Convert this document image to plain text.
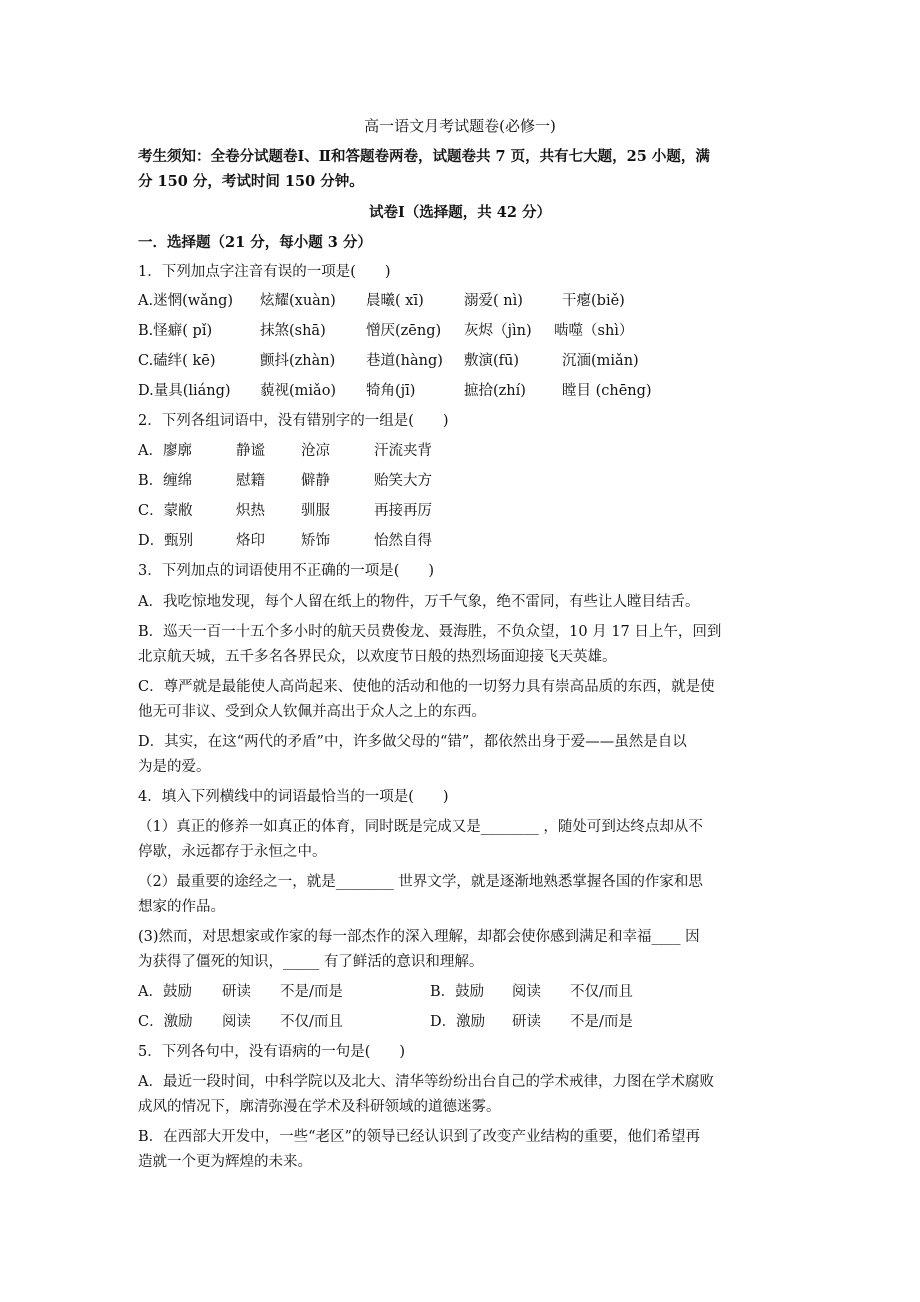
高一语文月考试题卷(必修一)
考生须知：全卷分试题卷Ⅰ、Ⅱ和答题卷两卷，试题卷共 7 页，共有七大题，25 小题，满
分 150 分，考试时间 150 分钟。
试卷Ⅰ（选择题，共 42 分）
一．选择题（21 分，每小题 3 分）
1．下列加点字注音有误的一项是(　　)
A.迷惘(wǎng) 炫耀(xuàn) 晨曦( xī)	溺爱( nì)	干瘪(biě)
B.怪癖( pǐ)	抹煞(shā)	憎厌(zēng) 灰烬（jìn) 啮噬（shì）
C.磕绊( kē)	颤抖(zhàn) 巷道(hàng) 敷演(fū)	沉湎(miǎn)
D.量具(liáng) 藐视(miǎo) 犄角(jī)	摭拾(zhí) 瞠目 (chēng)
2．下列各组词语中，没有错别字的一组是(　　)
A．廖廓	静谧 沧凉	汗流夹背
B．缠绵	慰籍 僻静	贻笑大方
C．蒙敝	炽热 驯服	再接再厉
D．甄别	烙印 矫饰	怡然自得
3．下列加点的词语使用不正确的一项是(　　)
A．我吃惊地发现，每个人留在纸上的物件，万千气象，绝不雷同，有些让人瞠目结舌。
B．巡天一百一十五个多小时的航天员费俊龙、聂海胜，不负众望，10 月 17 日上午，回到
北京航天城，五千多名各界民众，以欢度节日般的热烈场面迎接飞天英雄。
C．尊严就是最能使人高尚起来、使他的活动和他的一切努力具有崇高品质的东西，就是使
他无可非议、受到众人钦佩并高出于众人之上的东西。
D．其实，在这“两代的矛盾”中，许多做父母的“错”，都依然出身于爱——虽然是自以
为是的爱。
4．填入下列横线中的词语最恰当的一项是(　　)
（1）真正的修养一如真正的体育，同时既是完成又是________ ，随处可到达终点却从不
停歇，永远都存于永恒之中。
（2）最重要的途经之一，就是________ 世界文学，就是逐渐地熟悉掌握各国的作家和思
想家的作品。
(3)然而，对思想家或作家的每一部杰作的深入理解，却都会使你感到满足和幸福____ 因
为获得了僵死的知识，_____ 有了鲜活的意识和理解。
A．鼓励 研读 不是/而是	B．鼓励 阅读 不仅/而且
C．激励 阅读 不仅/而且	D．激励 研读 不是/而是
5．下列各句中，没有语病的一句是(　　)
A．最近一段时间，中科学院以及北大、清华等纷纷出台自己的学术戒律，力图在学术腐败
成风的情况下，廓清弥漫在学术及科研领域的道德迷雾。
B．在西部大开发中，一些“老区”的领导已经认识到了改变产业结构的重要，他们希望再
造就一个更为辉煌的未来。
